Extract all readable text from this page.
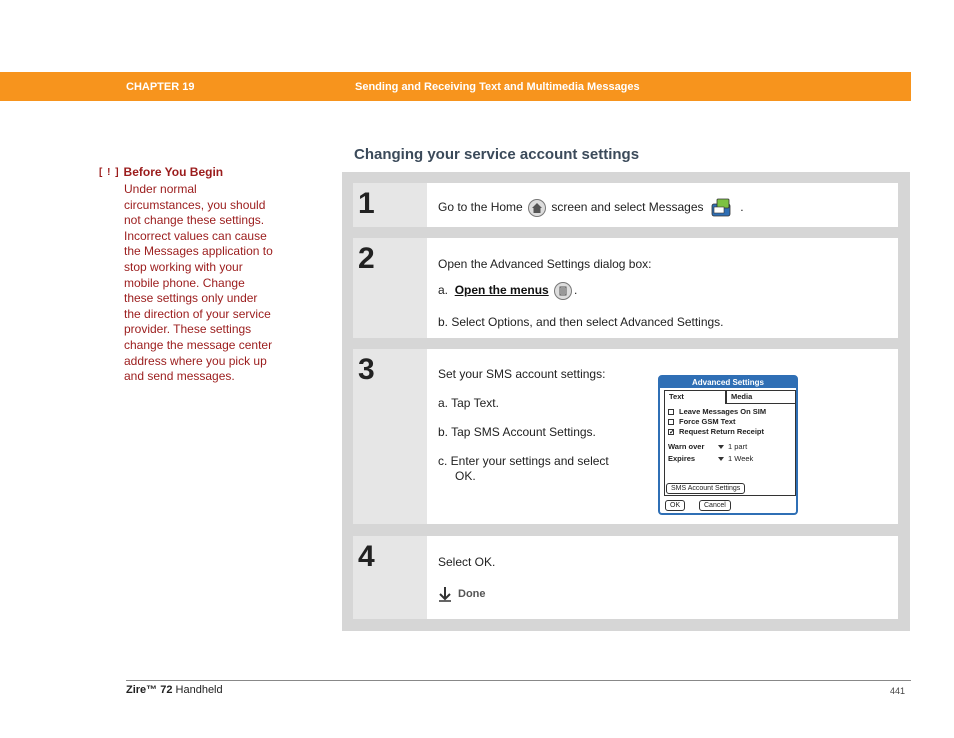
CHAPTER 19	Sending and Receiving Text and Multimedia Messages
[ ! ] Before You Begin
Under normal circumstances, you should not change these settings. Incorrect values can cause the Messages application to stop working with your mobile phone. Change these settings only under the direction of your service provider. These settings change the message center address where you pick up and send messages.
Changing your service account settings
1	Go to the Home screen and select Messages	.
2	Open the Advanced Settings dialog box:
a. Open the menus .
b. Select Options, and then select Advanced Settings.
3	Set your SMS account settings:
a. Tap Text.
b. Tap SMS Account Settings.
c. Enter your settings and select
OK.
Advanced Settings
Text	Media
Leave Messages On SIM
Force GSM Text
✓ Request Return Receipt
Warn over	1 part
Expires	1 Week
SMS Account Settings
OK	Cancel
4	Select OK.
Done
Zire™ 72 Handheld	441
